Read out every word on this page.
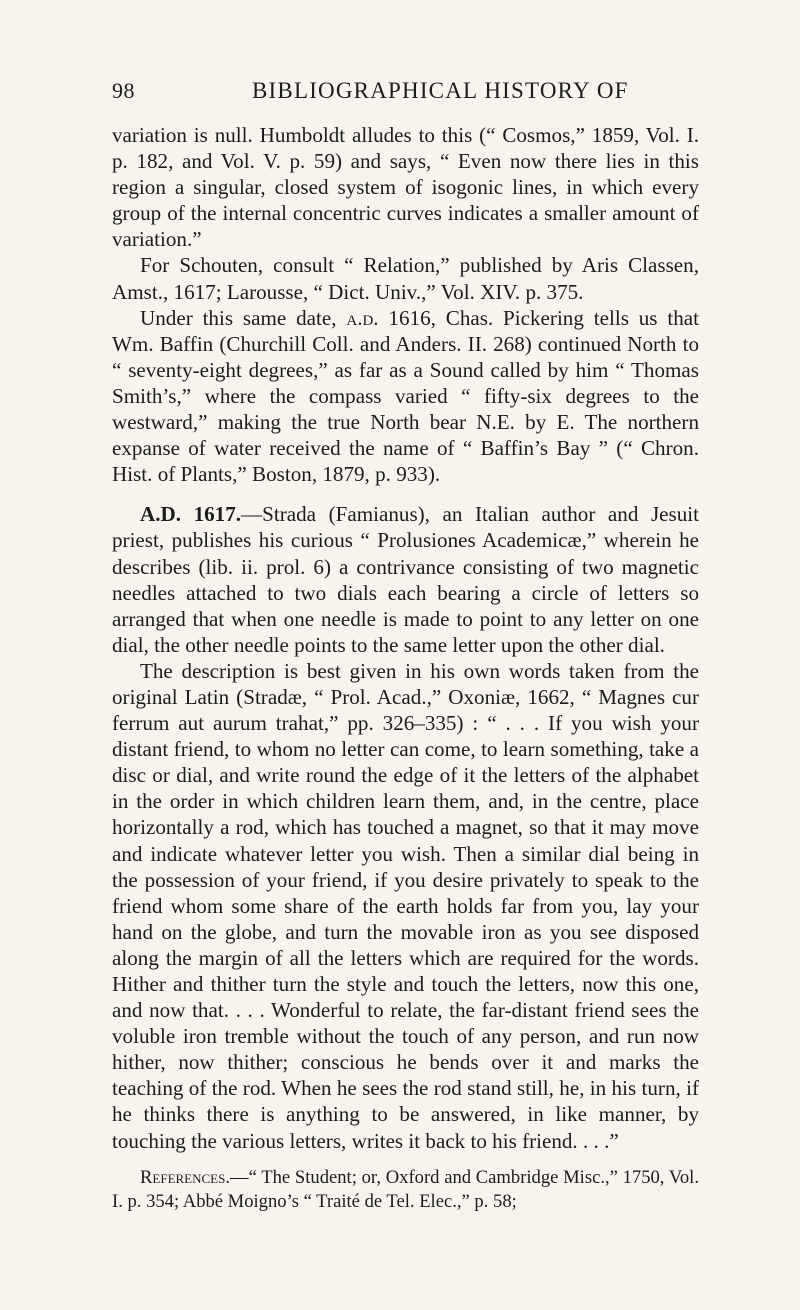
98	BIBLIOGRAPHICAL HISTORY OF

variation is null. Humboldt alludes to this (“ Cosmos,” 1859, Vol. I. p. 182, and Vol. V. p. 59) and says, “ Even now there lies in this region a singular, closed system of isogonic lines, in which every group of the internal concentric curves indicates a smaller amount of variation.”

For Schouten, consult “ Relation,” published by Aris Classen, Amst., 1617; Larousse, “ Dict. Univ.,” Vol. XIV. p. 375.

Under this same date, a.d. 1616, Chas. Pickering tells us that Wm. Baffin (Churchill Coll. and Anders. II. 268) continued North to “ seventy-eight degrees,” as far as a Sound called by him “ Thomas Smith’s,” where the compass varied “ fifty-six degrees to the westward,” making the true North bear N.E. by E. The northern expanse of water received the name of “ Baffin’s Bay ” (“ Chron. Hist. of Plants,” Boston, 1879, p. 933).

A.D. 1617.—Strada (Famianus), an Italian author and Jesuit priest, publishes his curious “ Prolusiones Academicæ,” wherein he describes (lib. ii. prol. 6) a contrivance consisting of two magnetic needles attached to two dials each bearing a circle of letters so arranged that when one needle is made to point to any letter on one dial, the other needle points to the same letter upon the other dial.

The description is best given in his own words taken from the original Latin (Stradæ, “ Prol. Acad.,” Oxoniæ, 1662, “ Magnes cur ferrum aut aurum trahat,” pp. 326–335) : “ . . . If you wish your distant friend, to whom no letter can come, to learn something, take a disc or dial, and write round the edge of it the letters of the alphabet in the order in which children learn them, and, in the centre, place horizontally a rod, which has touched a magnet, so that it may move and indicate whatever letter you wish. Then a similar dial being in the possession of your friend, if you desire privately to speak to the friend whom some share of the earth holds far from you, lay your hand on the globe, and turn the movable iron as you see disposed along the margin of all the letters which are required for the words. Hither and thither turn the style and touch the letters, now this one, and now that. . . . Wonderful to relate, the far-distant friend sees the voluble iron tremble without the touch of any person, and run now hither, now thither; conscious he bends over it and marks the teaching of the rod. When he sees the rod stand still, he, in his turn, if he thinks there is anything to be answered, in like manner, by touching the various letters, writes it back to his friend. . . .”

References.—“ The Student; or, Oxford and Cambridge Misc.,” 1750, Vol. I. p. 354; Abbé Moigno’s “ Traité de Tel. Elec.,” p. 58;
